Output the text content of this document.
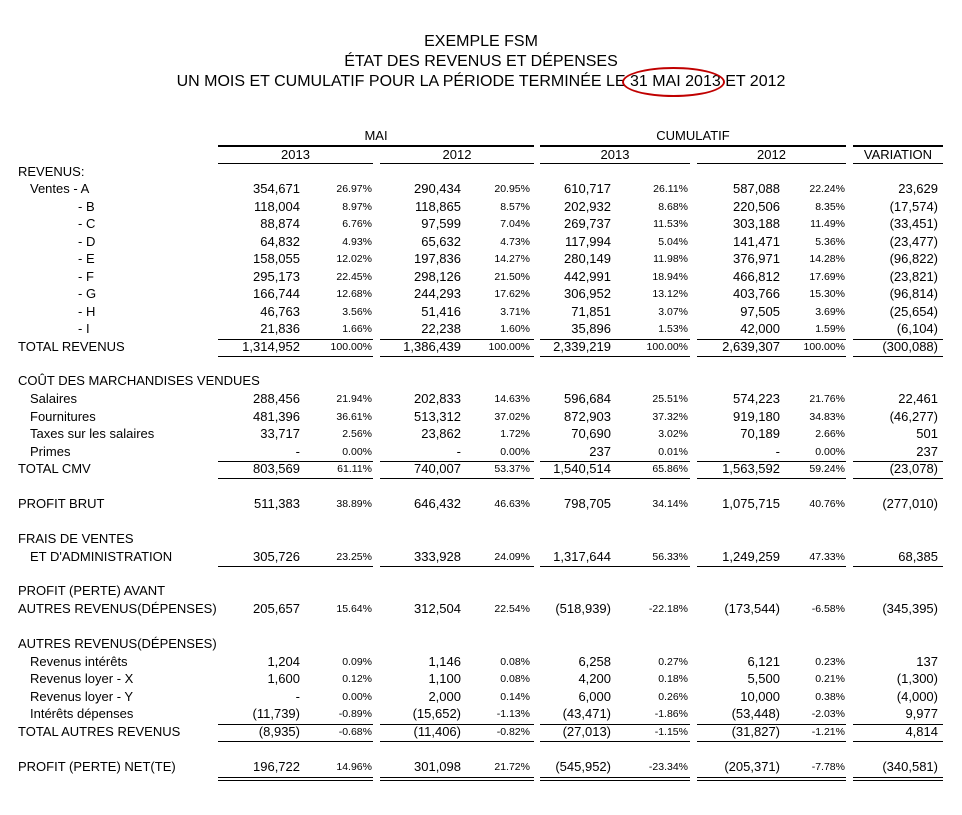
EXEMPLE FSM
ÉTAT DES REVENUS ET DÉPENSES
UN MOIS ET CUMULATIF POUR LA PÉRIODE TERMINÉE LE 31 MAI 2013 ET 2012
MAI	CUMULATIF
2013	2012	2013	2012	VARIATION
REVENUS:
Ventes - A	354,671	26.97%	290,434	20.95%	610,717	26.11%	587,088	22.24%	23,629
- B	118,004	8.97%	118,865	8.57%	202,932	8.68%	220,506	8.35%	(17,574)
- C	88,874	6.76%	97,599	7.04%	269,737	11.53%	303,188	11.49%	(33,451)
- D	64,832	4.93%	65,632	4.73%	117,994	5.04%	141,471	5.36%	(23,477)
- E	158,055	12.02%	197,836	14.27%	280,149	11.98%	376,971	14.28%	(96,822)
- F	295,173	22.45%	298,126	21.50%	442,991	18.94%	466,812	17.69%	(23,821)
- G	166,744	12.68%	244,293	17.62%	306,952	13.12%	403,766	15.30%	(96,814)
- H	46,763	3.56%	51,416	3.71%	71,851	3.07%	97,505	3.69%	(25,654)
- I	21,836	1.66%	22,238	1.60%	35,896	1.53%	42,000	1.59%	(6,104)
TOTAL REVENUS	1,314,952	100.00%	1,386,439	100.00%	2,339,219	100.00%	2,639,307	100.00%	(300,088)
COÛT DES MARCHANDISES VENDUES
Salaires	288,456	21.94%	202,833	14.63%	596,684	25.51%	574,223	21.76%	22,461
Fournitures	481,396	36.61%	513,312	37.02%	872,903	37.32%	919,180	34.83%	(46,277)
Taxes sur les salaires	33,717	2.56%	23,862	1.72%	70,690	3.02%	70,189	2.66%	501
Primes	-	0.00%	-	0.00%	237	0.01%	-	0.00%	237
TOTAL CMV	803,569	61.11%	740,007	53.37%	1,540,514	65.86%	1,563,592	59.24%	(23,078)
PROFIT BRUT	511,383	38.89%	646,432	46.63%	798,705	34.14%	1,075,715	40.76%	(277,010)
FRAIS DE VENTES
ET D'ADMINISTRATION	305,726	23.25%	333,928	24.09%	1,317,644	56.33%	1,249,259	47.33%	68,385
PROFIT (PERTE) AVANT
AUTRES REVENUS(DÉPENSES)	205,657	15.64%	312,504	22.54%	(518,939)	-22.18%	(173,544)	-6.58%	(345,395)
AUTRES REVENUS(DÉPENSES)
Revenus intérêts	1,204	0.09%	1,146	0.08%	6,258	0.27%	6,121	0.23%	137
Revenus loyer - X	1,600	0.12%	1,100	0.08%	4,200	0.18%	5,500	0.21%	(1,300)
Revenus loyer - Y	-	0.00%	2,000	0.14%	6,000	0.26%	10,000	0.38%	(4,000)
Intérêts dépenses	(11,739)	-0.89%	(15,652)	-1.13%	(43,471)	-1.86%	(53,448)	-2.03%	9,977
TOTAL AUTRES REVENUS	(8,935)	-0.68%	(11,406)	-0.82%	(27,013)	-1.15%	(31,827)	-1.21%	4,814
PROFIT (PERTE) NET(TE)	196,722	14.96%	301,098	21.72%	(545,952)	-23.34%	(205,371)	-7.78%	(340,581)
